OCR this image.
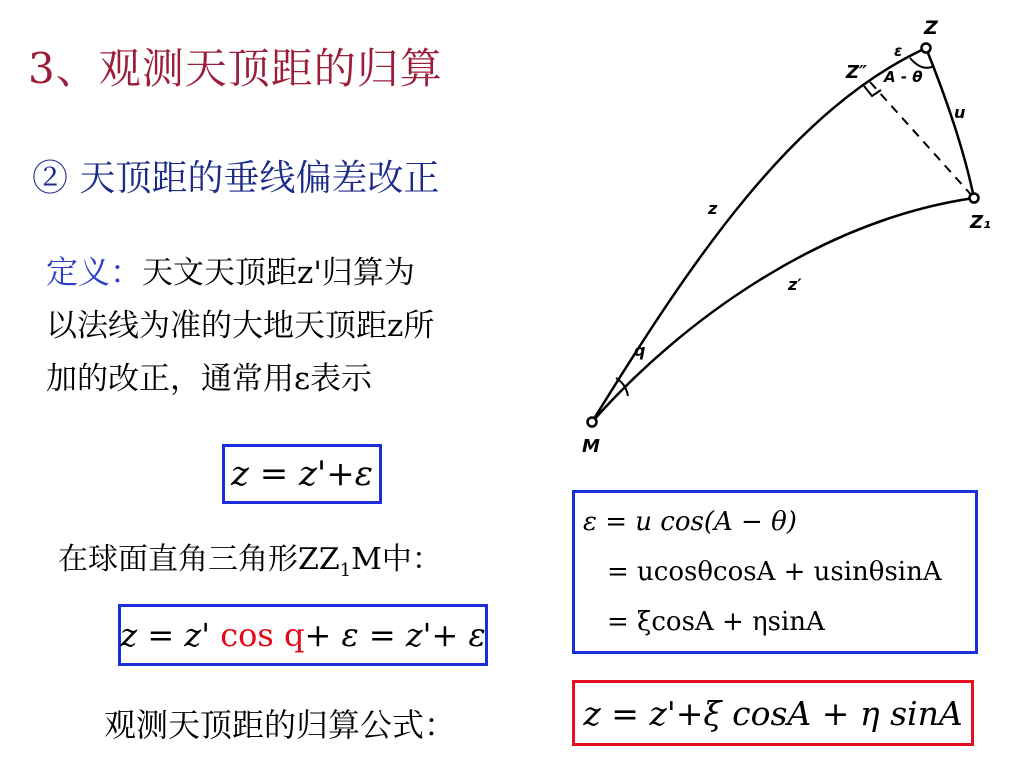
3、观测天顶距的归算
② 天顶距的垂线偏差改正
定义：天文天顶距z'归算为
以法线为准的大地天顶距z所
加的改正，通常用ε表示
z = z'+ε
在球面直角三角形$ZZ_1M$中：
z = z'
cos q + ε = z'+ ε
观测天顶距的归算公式：
ε = u cos(A − θ)
= ucosθcosA + usinθsinA
= ξcosA + ηsinA
z = z'+ξ cosA + η sinA
Z
Z″
ε
A - θ
u
z
Z₁
z′
q
M
